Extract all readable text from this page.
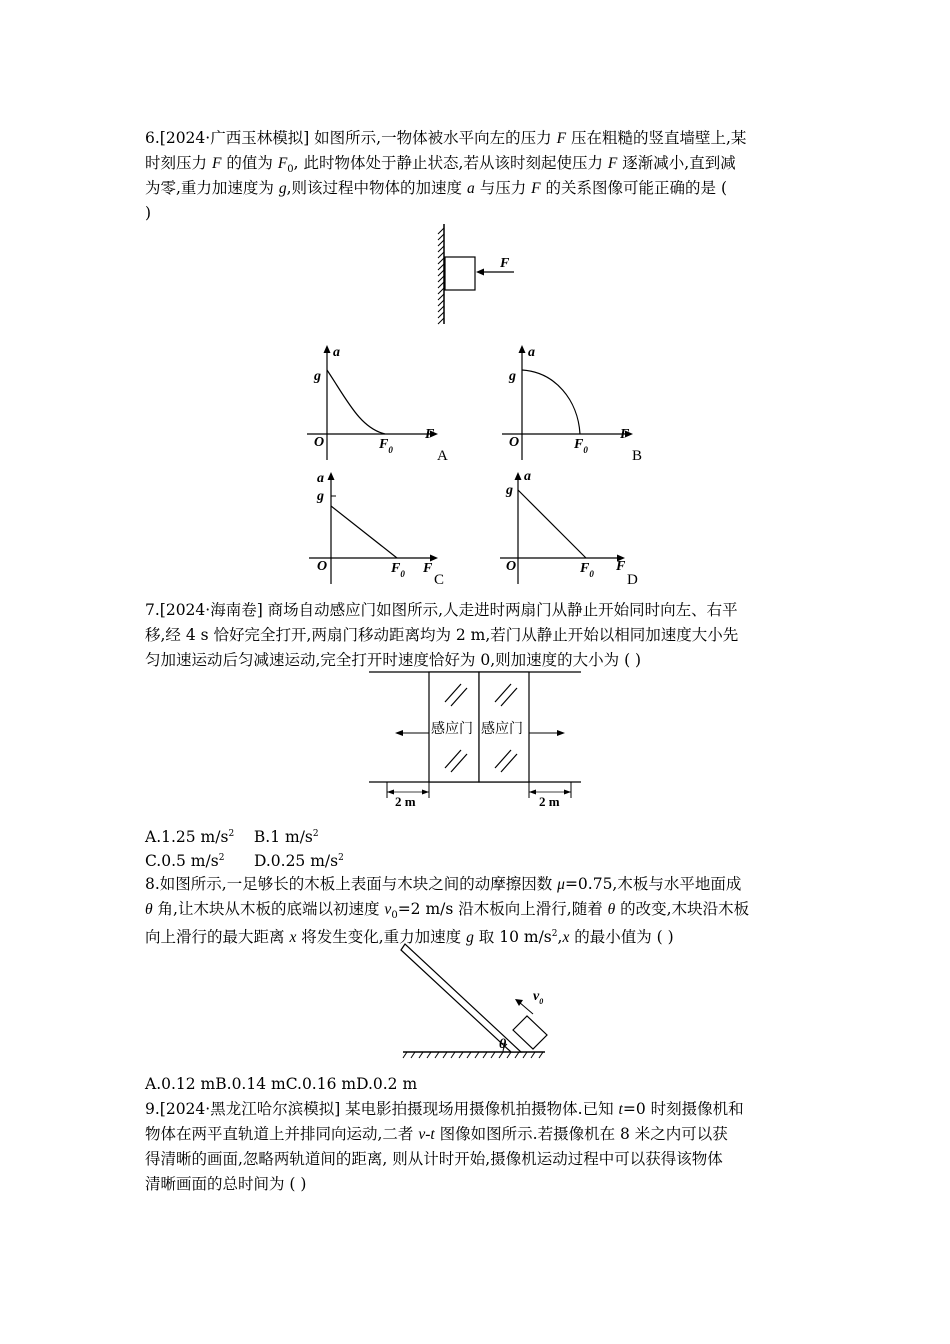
6.[2024·广西玉林模拟] 如图所示,一物体被水平向左的压力 F 压在粗糙的竖直墙壁上,某

时刻压力 F 的值为 $F_0$, 此时物体处于静止状态,若从该时刻起使压力 F 逐渐减小,直到减

为零,重力加速度为 g,则该过程中物体的加速度 a 与压力 F 的关系图像可能正确的是 (

)

F
a
g
O
F
$F_0$	A
a
g
O
F
$F_0$	B
a
g
O	F
$F_0$ C
a
g
O	F
$F_0$ D

7.[2024·海南卷] 商场自动感应门如图所示,人走进时两扇门从静止开始同时向左、右平

移,经 4 s 恰好完全打开,两扇门移动距离均为 2 m,若门从静止开始以相同加速度大小先

匀加速运动后匀减速运动,完全打开时速度恰好为 0,则加速度的大小为 ( )

感应门 感应门
2 m	2 m

A.1.25 $m/s^2$ B.1 $m/s^2$

C.0.5 $m/s^2$ D.0.25 $m/s^2$

8.如图所示,一足够长的木板上表面与木块之间的动摩擦因数 μ=0.75,木板与水平地面成

θ 角,让木块从木板的底端以初速度 $v_0=2$ m/s 沿木板向上滑行,随着 θ 的改变,木块沿木板

向上滑行的最大距离 x 将发生变化,重力加速度 g 取 10 $m/s^2,x$ 的最小值为 ( )

$v_0$
θ

A.0.12 mB.0.14 mC.0.16 mD.0.2 m

9.[2024·黑龙江哈尔滨模拟] 某电影拍摄现场用摄像机拍摄物体.已知 t=0 时刻摄像机和

物体在两平直轨道上并排同向运动,二者 v-t 图像如图所示.若摄像机在 8 米之内可以获

得清晰的画面,忽略两轨道间的距离, 则从计时开始,摄像机运动过程中可以获得该物体

清晰画面的总时间为 ( )
